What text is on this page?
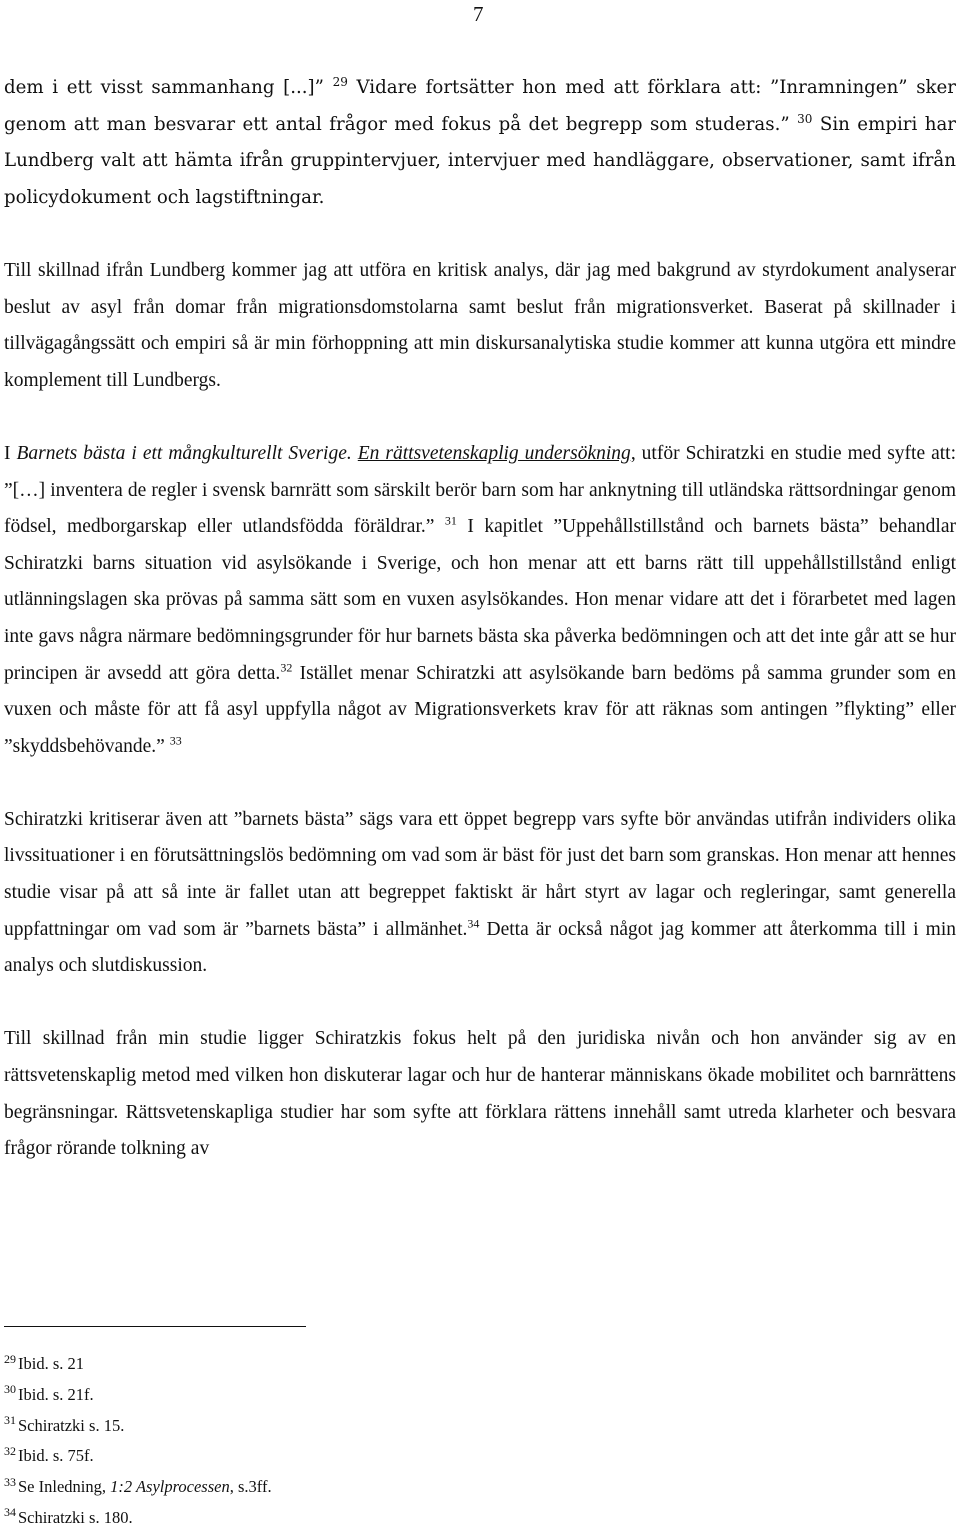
7

dem i ett visst sammanhang [...]” $^{29}$ Vidare fortsätter hon med att förklara att: ”Inramningen” sker genom att man besvarar ett antal frågor med fokus på det begrepp som studeras.” $^{30}$ Sin empiri har Lundberg valt att hämta ifrån gruppintervjuer, intervjuer med handläggare, observationer, samt ifrån policydokument och lagstiftningar.

Till skillnad ifrån Lundberg kommer jag att utföra en kritisk analys, där jag med bakgrund av styrdokument analyserar beslut av asyl från domar från migrationsdomstolarna samt beslut från migrationsverket. Baserat på skillnader i tillvägagångssätt och empiri så är min förhoppning att min diskursanalytiska studie kommer att kunna utgöra ett mindre komplement till Lundbergs.

I Barnets bästa i ett mångkulturellt Sverige. En rättsvetenskaplig undersökning, utför Schiratzki en studie med syfte att: ”[…] inventera de regler i svensk barnrätt som särskilt berör barn som har anknytning till utländska rättsordningar genom födsel, medborgarskap eller utlandsfödda föräldrar.” $^{31}$ I kapitlet ”Uppehållstillstånd och barnets bästa” behandlar Schiratzki barns situation vid asylsökande i Sverige, och hon menar att ett barns rätt till uppehållstillstånd enligt utlänningslagen ska prövas på samma sätt som en vuxen asylsökandes. Hon menar vidare att det i förarbetet med lagen inte gavs några närmare bedömningsgrunder för hur barnets bästa ska påverka bedömningen och att det inte går att se hur principen är avsedd att göra detta.$^{32}$ Istället menar Schiratzki att asylsökande barn bedöms på samma grunder som en vuxen och måste för att få asyl uppfylla något av Migrationsverkets krav för att räknas som antingen ”flykting” eller ”skyddsbehövande.” $^{33}$

Schiratzki kritiserar även att ”barnets bästa” sägs vara ett öppet begrepp vars syfte bör användas utifrån individers olika livssituationer i en förutsättningslös bedömning om vad som är bäst för just det barn som granskas. Hon menar att hennes studie visar på att så inte är fallet utan att begreppet faktiskt är hårt styrt av lagar och regleringar, samt generella uppfattningar om vad som är ”barnets bästa” i allmänhet.$^{34}$ Detta är också något jag kommer att återkomma till i min analys och slutdiskussion.

Till skillnad från min studie ligger Schiratzkis fokus helt på den juridiska nivån och hon använder sig av en rättsvetenskaplig metod med vilken hon diskuterar lagar och hur de hanterar människans ökade mobilitet och barnrättens begränsningar. Rättsvetenskapliga studier har som syfte att förklara rättens innehåll samt utreda klarheter och besvara frågor rörande tolkning av

$^{29}$ Ibid. s. 21

$^{30}$ Ibid. s. 21f.

$^{31}$ Schiratzki s. 15.

$^{32}$ Ibid. s. 75f.

$^{33}$ Se Inledning, 1:2 Asylprocessen, s.3ff.

$^{34}$ Schiratzki s. 180.
